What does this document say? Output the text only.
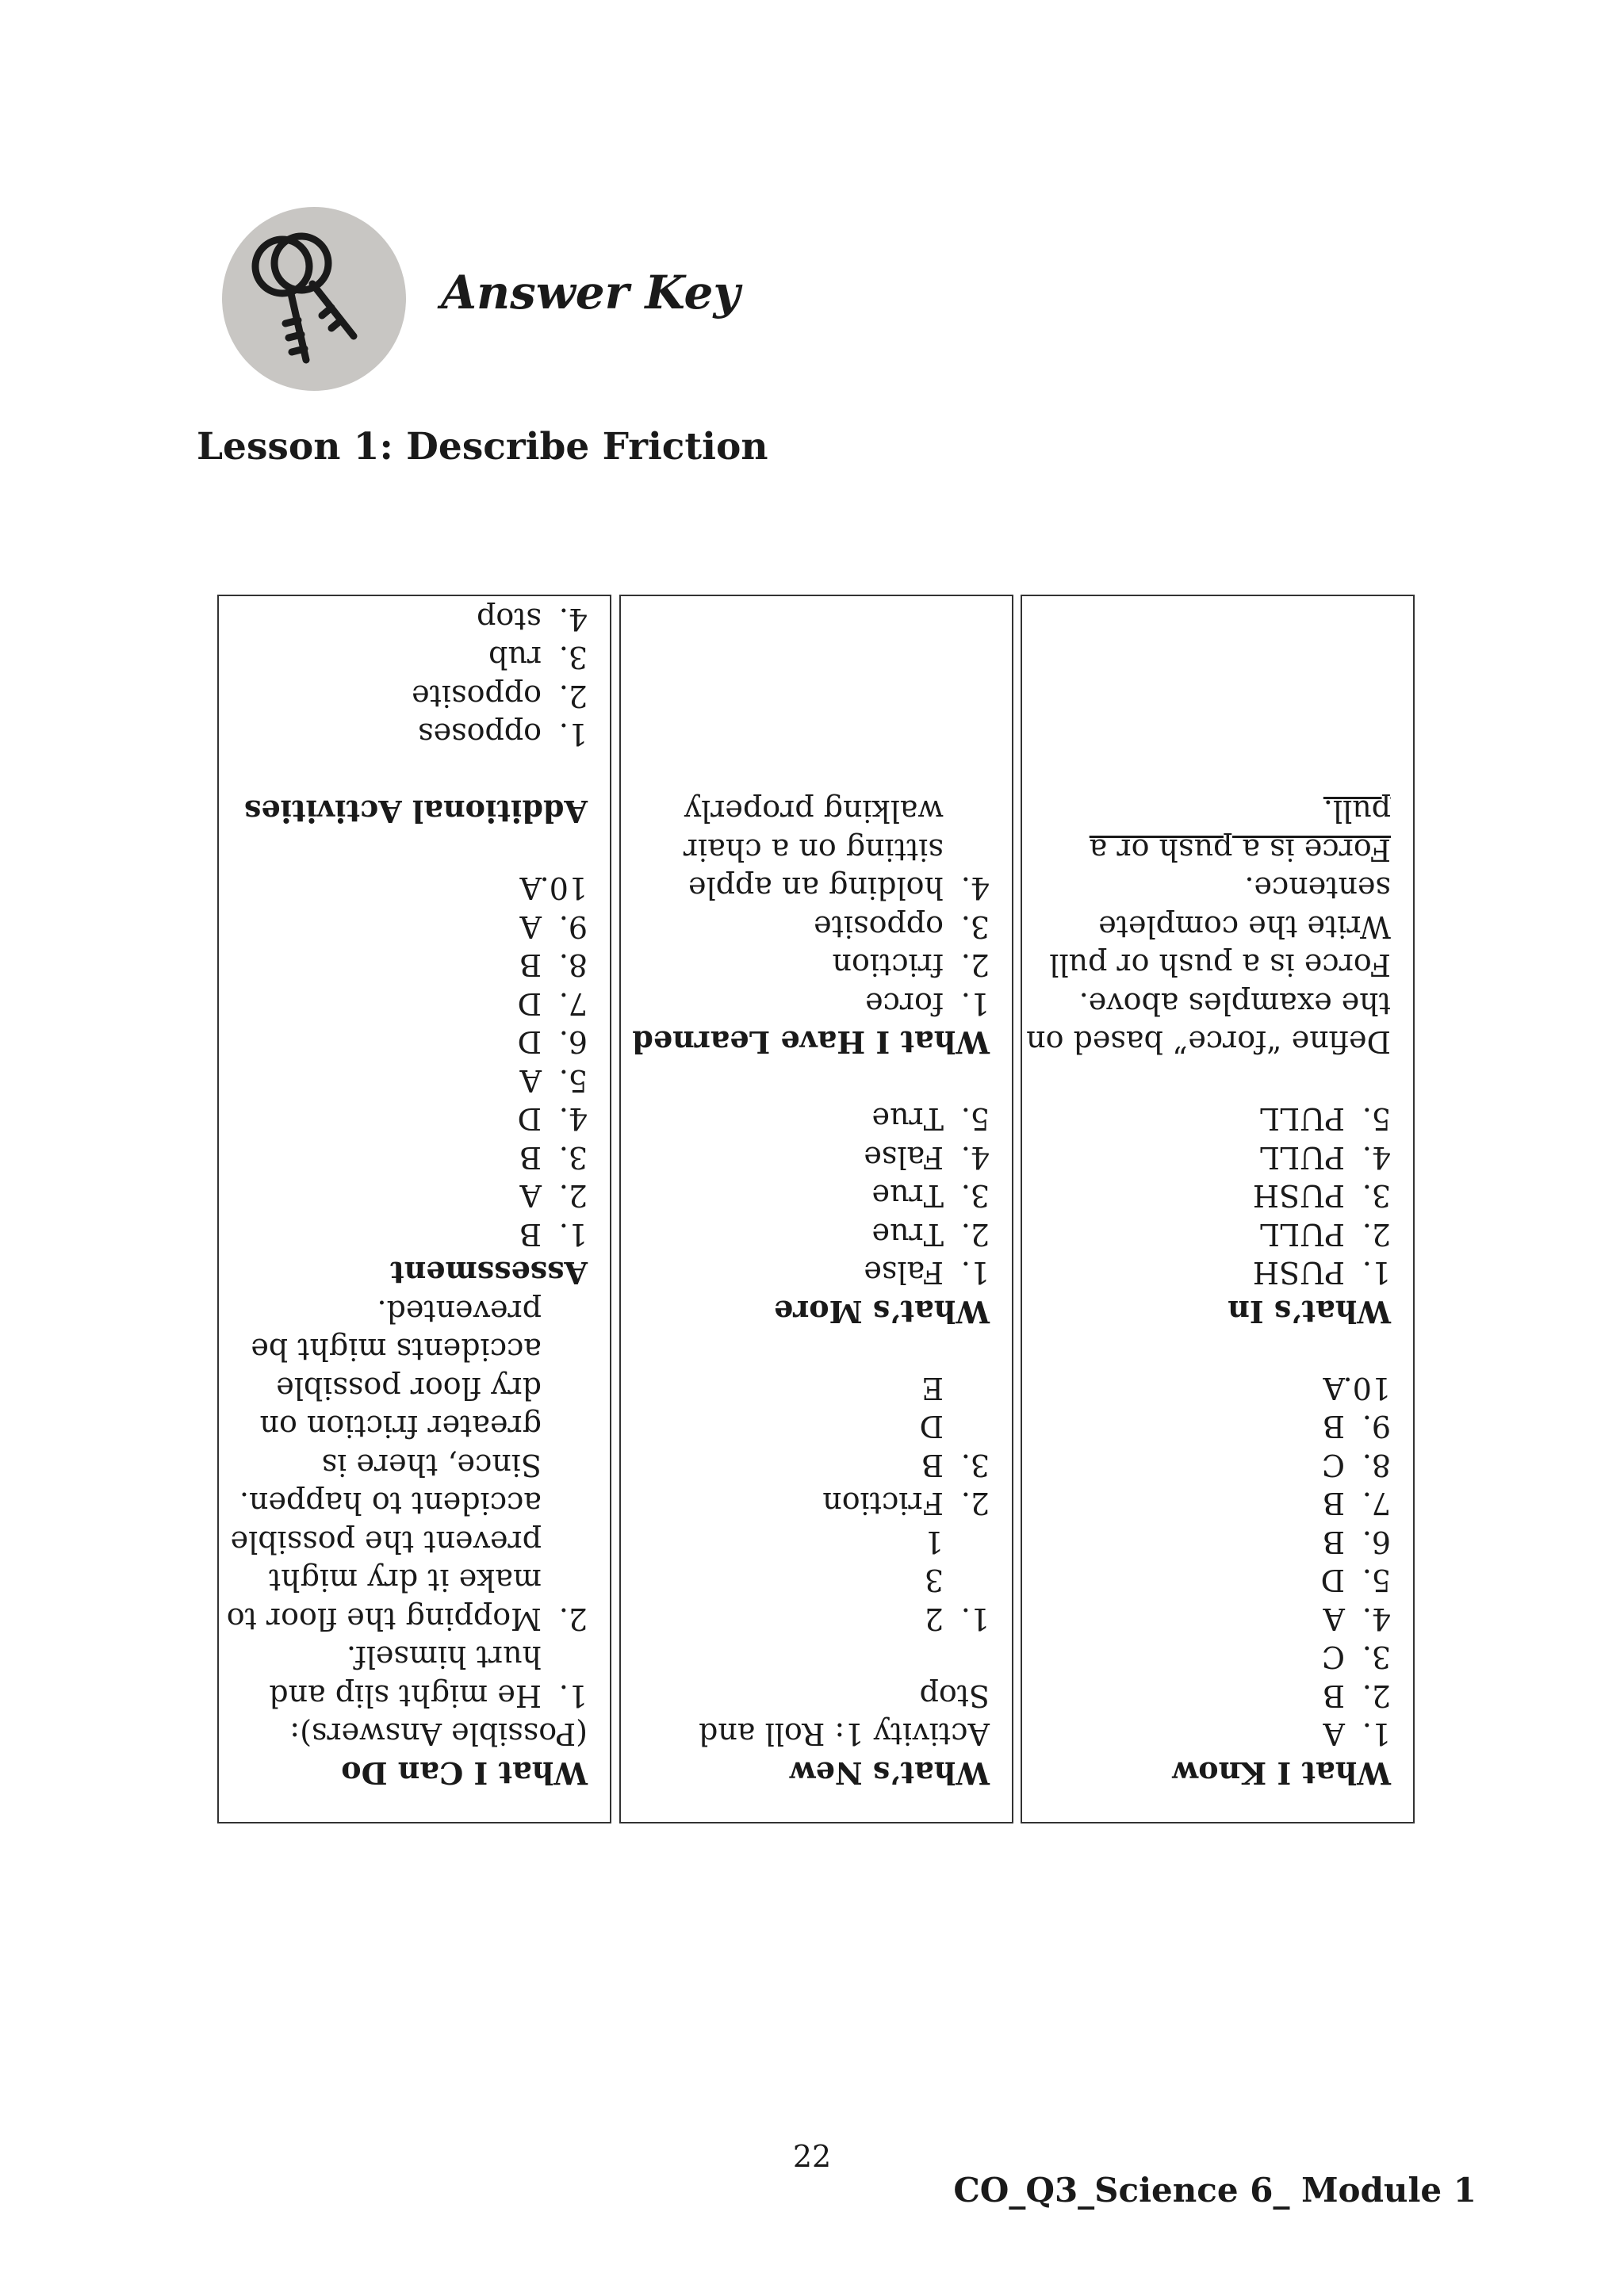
Answer Key
Lesson 1: Describe Friction
What I Know
1.
A
2.
B
3.
C
4.
A
5.
D
6.
B
7.
B
8.
C
9.
B
10.
A
What’s In
1.
PUSH
2.
PULL
3.
PUSH
4.
PULL
5.
PULL
Define “force” based on
the examples above.
Force is a push or pull
Write the complete
sentence.
Force is a push or a
pull.
What’s New
Activity 1: Roll and
Stop
1.
2
3
1
2.
Friction
3.
B
D
E
What’s More
1.
False
2.
True
3.
True
4.
False
5.
True
What I Have Learned
1.
force
2.
friction
3.
opposite
4.
holding an apple
sitting on a chair
walking properly
What I Can Do
(Possible Answers):
1.
He might slip and
hurt himself.
2.
Mopping the floor to
make it dry might
prevent the possible
accident to happen.
Since, there is
greater friction on
dry floor possible
accidents might be
prevented.
Assessment
1.
B
2.
A
3.
B
4.
D
5.
A
6.
D
7.
D
8.
B
9.
A
10.
A
Additional Activities
1.
opposes
2.
opposite
3.
rub
4.
stop

22

CO_Q3_Science 6_ Module 1
